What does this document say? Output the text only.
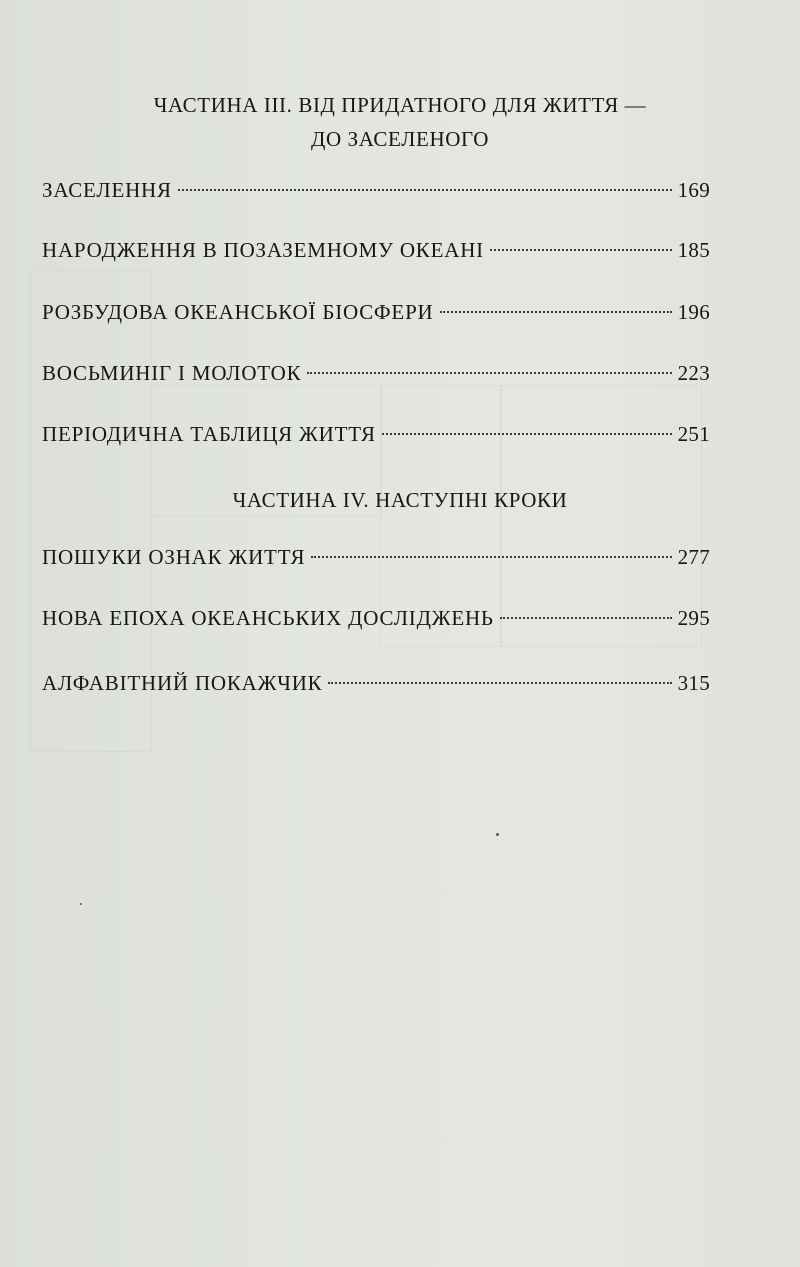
ЧАСТИНА III. ВІД ПРИДАТНОГО ДЛЯ ЖИТТЯ —
ДО ЗАСЕЛЕНОГО
ЗАСЕЛЕННЯ	169
НАРОДЖЕННЯ В ПОЗАЗЕМНОМУ ОКЕАНІ	185
РОЗБУДОВА ОКЕАНСЬКОЇ БІОСФЕРИ	196
ВОСЬМИНІГ І МОЛОТОК	223
ПЕРІОДИЧНА ТАБЛИЦЯ ЖИТТЯ	251
ЧАСТИНА IV. НАСТУПНІ КРОКИ
ПОШУКИ ОЗНАК ЖИТТЯ	277
НОВА ЕПОХА ОКЕАНСЬКИХ ДОСЛІДЖЕНЬ	295
АЛФАВІТНИЙ ПОКАЖЧИК	315
